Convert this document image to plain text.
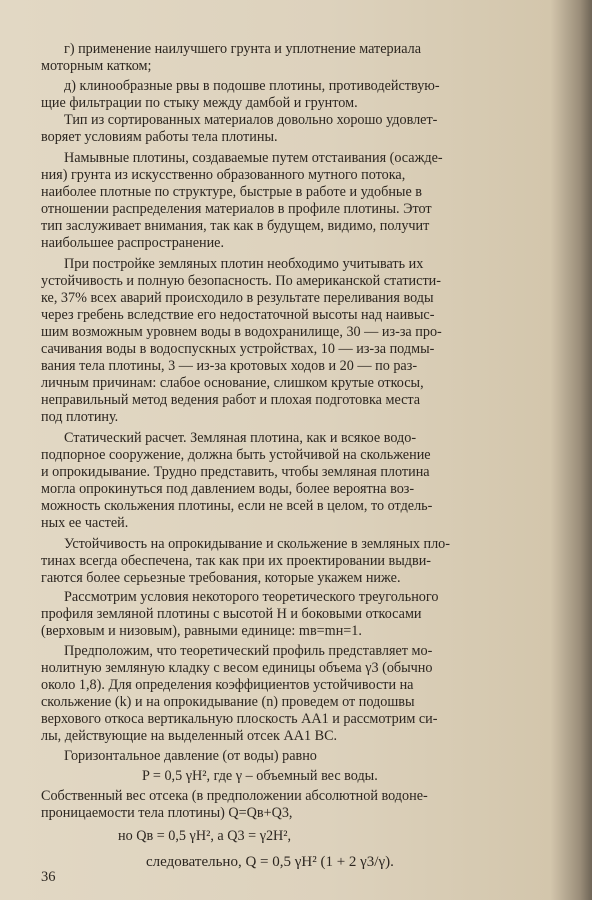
г) применение наилучшего грунта и уплотнение материала
моторным катком;
д) клинообразные рвы в подошве плотины, противодействую-
щие фильтрации по стыку между дамбой и грунтом.
Тип из сортированных материалов довольно хорошо удовлет-
воряет условиям работы тела плотины.
Намывные плотины, создаваемые путем отстаивания (осажде-
ния) грунта из искусственно образованного мутного потока,
наиболее плотные по структуре, быстрые в работе и удобные в
отношении распределения материалов в профиле плотины. Этот
тип заслуживает внимания, так как в будущем, видимо, получит
наибольшее распространение.
При постройке земляных плотин необходимо учитывать их
устойчивость и полную безопасность. По американской статисти-
ке, 37% всех аварий происходило в результате переливания воды
через гребень вследствие его недостаточной высоты над наивыс-
шим возможным уровнем воды в водохранилище, 30 — из-за про-
сачивания воды в водоспускных устройствах, 10 — из-за подмы-
вания тела плотины, 3 — из-за кротовых ходов и 20 — по раз-
личным причинам: слабое основание, слишком крутые откосы,
неправильный метод ведения работ и плохая подготовка места
под плотину.
Статический расчет. Земляная плотина, как и всякое водо-
подпорное сооружение, должна быть устойчивой на скольжение
и опрокидывание. Трудно представить, чтобы земляная плотина
могла опрокинуться под давлением воды, более вероятна воз-
можность скольжения плотины, если не всей в целом, то отдель-
ных ее частей.
Устойчивость на опрокидывание и скольжение в земляных пло-
тинах всегда обеспечена, так как при их проектировании выдви-
гаются более серьезные требования, которые укажем ниже.
Рассмотрим условия некоторого теоретического треугольного
профиля земляной плотины с высотой H и боковыми откосами
(верховым и низовым), равными единице: mв=mн=1.
Предположим, что теоретический профиль представляет мо-
нолитную земляную кладку с весом единицы объема γ3 (обычно
около 1,8). Для определения коэффициентов устойчивости на
скольжение (k) и на опрокидывание (n) проведем от подошвы
верхового откоса вертикальную плоскость AA1 и рассмотрим си-
лы, действующие на выделенный отсек AA1 BC.
Горизонтальное давление (от воды) равно
P = 0,5 γH², где γ – объемный вес воды.
Собственный вес отсека (в предположении абсолютной водоне-
проницаемости тела плотины) Q=Qв+Q3,
но Qв = 0,5 γH², а Q3 = γ2H²,
следовательно, Q = 0,5 γH² (1 + 2 γ3/γ).
36
